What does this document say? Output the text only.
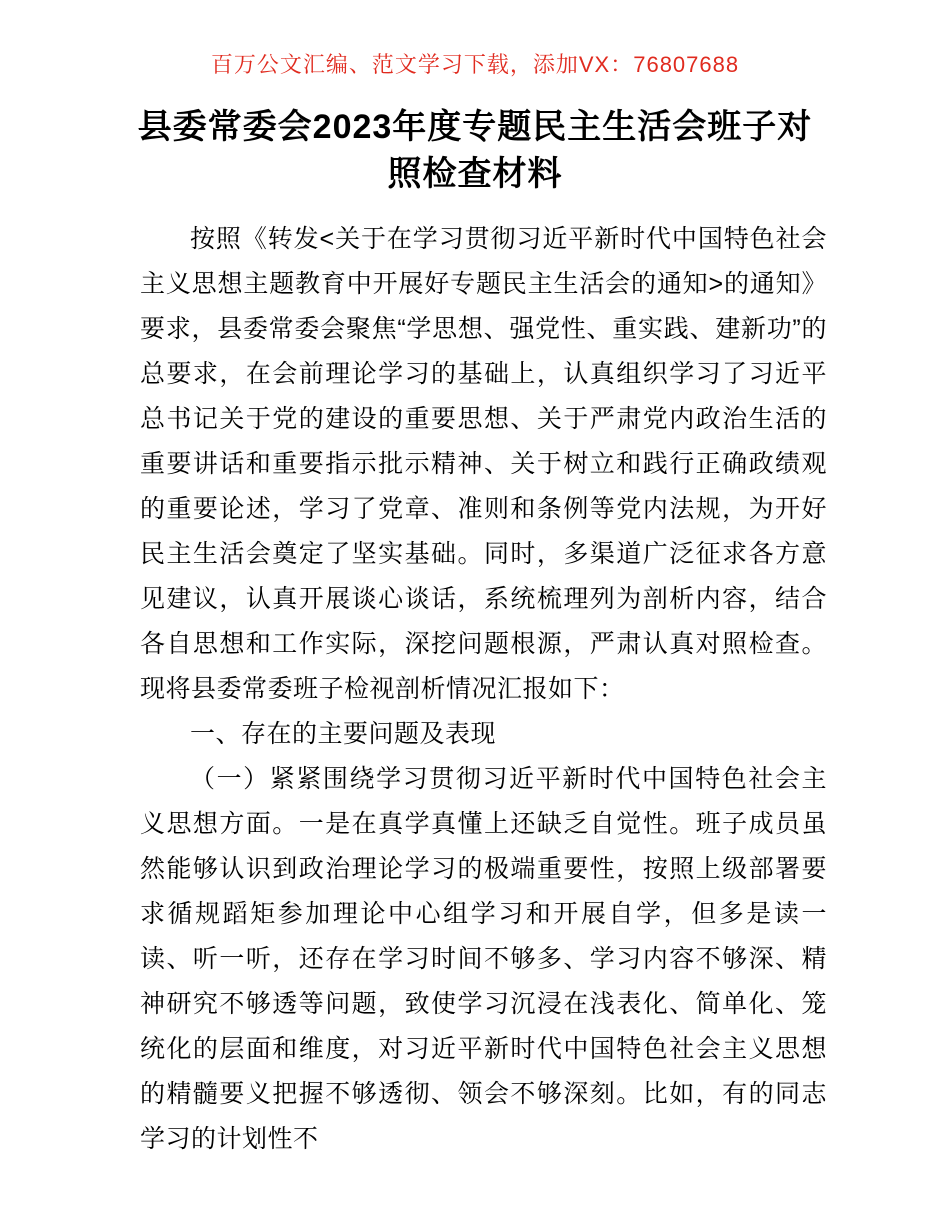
百万公文汇编、范文学习下载，添加VX：76807688
县委常委会2023年度专题民主生活会班子对照检查材料

按照《转发<关于在学习贯彻习近平新时代中国特色社会主义思想主题教育中开展好专题民主生活会的通知>的通知》要求，县委常委会聚焦“学思想、强党性、重实践、建新功”的总要求，在会前理论学习的基础上，认真组织学习了习近平总书记关于党的建设的重要思想、关于严肃党内政治生活的重要讲话和重要指示批示精神、关于树立和践行正确政绩观的重要论述，学习了党章、准则和条例等党内法规，为开好民主生活会奠定了坚实基础。同时，多渠道广泛征求各方意见建议，认真开展谈心谈话，系统梳理列为剖析内容，结合各自思想和工作实际，深挖问题根源，严肃认真对照检查。现将县委常委班子检视剖析情况汇报如下：

一、存在的主要问题及表现

（一）紧紧围绕学习贯彻习近平新时代中国特色社会主义思想方面。一是在真学真懂上还缺乏自觉性。班子成员虽然能够认识到政治理论学习的极端重要性，按照上级部署要求循规蹈矩参加理论中心组学习和开展自学，但多是读一读、听一听，还存在学习时间不够多、学习内容不够深、精神研究不够透等问题，致使学习沉浸在浅表化、简单化、笼统化的层面和维度，对习近平新时代中国特色社会主义思想的精髓要义把握不够透彻、领会不够深刻。比如，有的同志学习的计划性不
